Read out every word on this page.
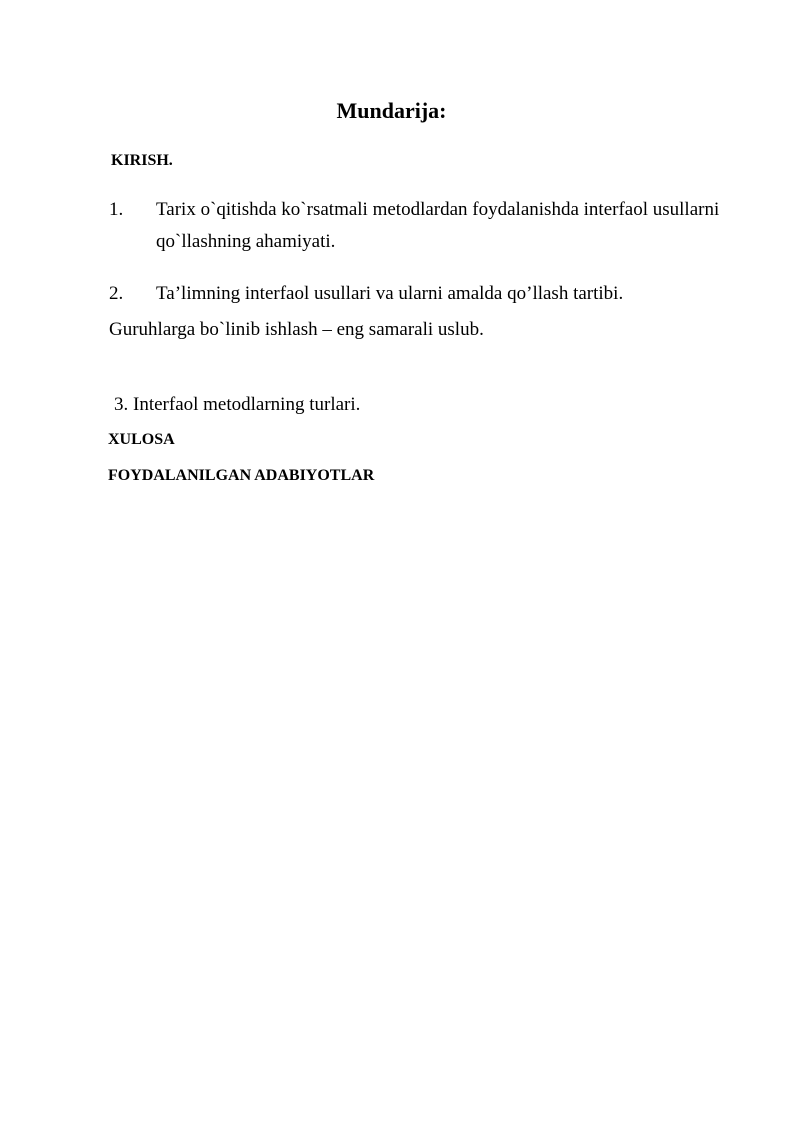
Mundarija:
KIRISH.
1. Tarix o`qitishda ko`rsatmali metodlardan foydalanishda interfaol usullarni qo`llashning ahamiyati.
2. Ta’limning interfaol usullari va ularni amalda qo’llash tartibi.
Guruhlarga bo`linib ishlash – eng samarali uslub.
3. Interfaol metodlarning turlari.
XULOSA
FOYDALANILGAN ADABIYOTLAR
